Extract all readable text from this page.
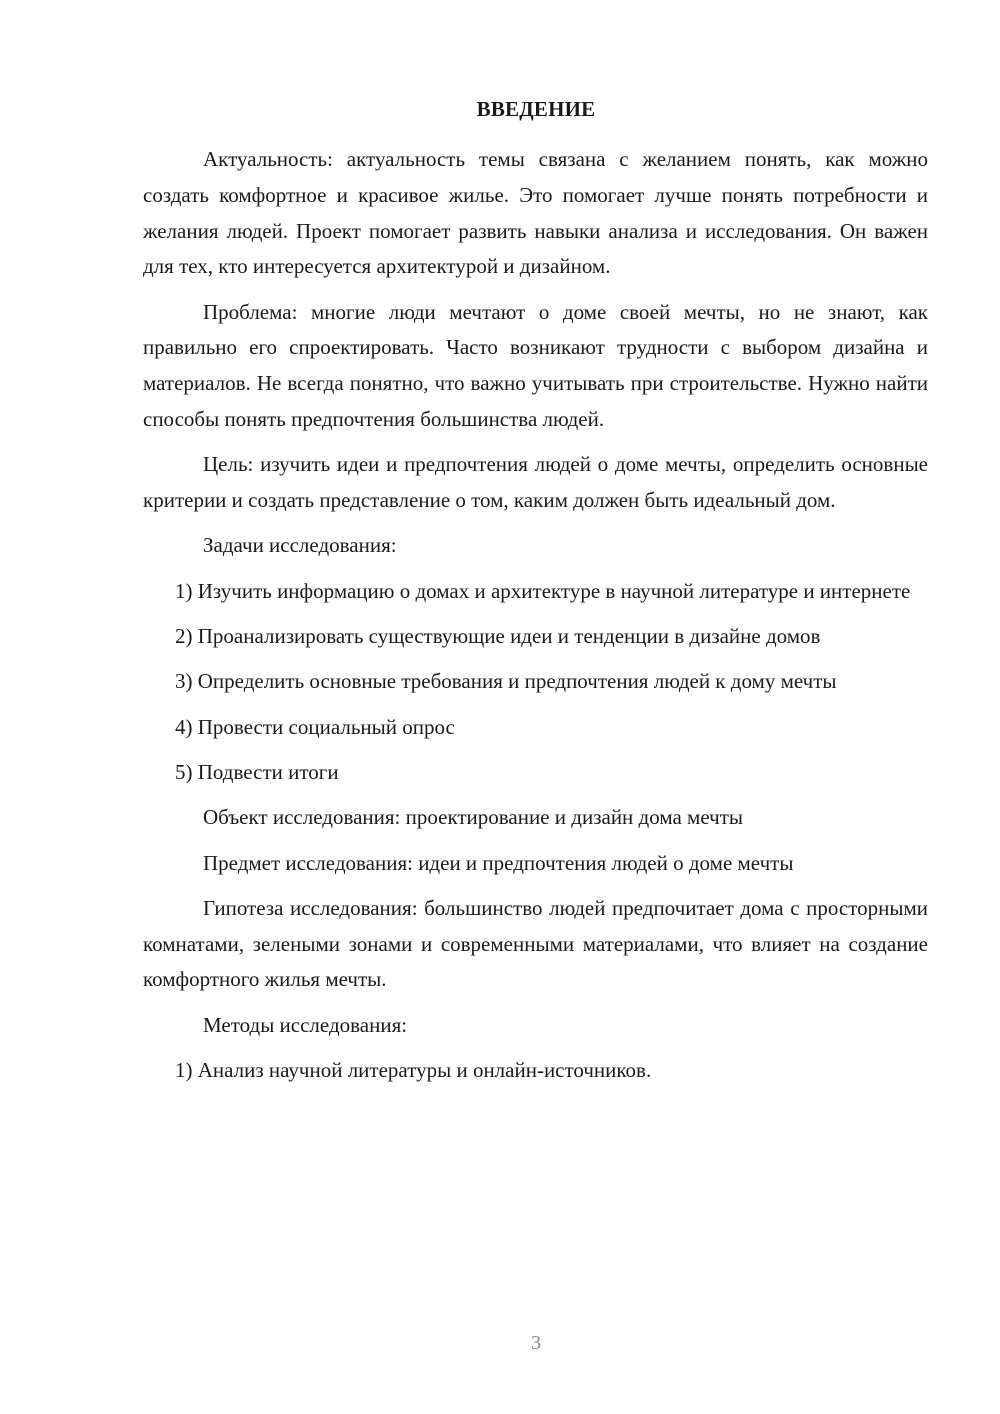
ВВЕДЕНИЕ

Актуальность: актуальность темы связана с желанием понять, как можно создать комфортное и красивое жилье. Это помогает лучше понять потребности и желания людей. Проект помогает развить навыки анализа и исследования. Он важен для тех, кто интересуется архитектурой и дизайном.

Проблема: многие люди мечтают о доме своей мечты, но не знают, как правильно его спроектировать. Часто возникают трудности с выбором дизайна и материалов. Не всегда понятно, что важно учитывать при строительстве. Нужно найти способы понять предпочтения большинства людей.

Цель: изучить идеи и предпочтения людей о доме мечты, определить основные критерии и создать представление о том, каким должен быть идеальный дом.

Задачи исследования:

1) Изучить информацию о домах и архитектуре в научной литературе и интернете

2) Проанализировать существующие идеи и тенденции в дизайне домов

3) Определить основные требования и предпочтения людей к дому мечты

4) Провести социальный опрос

5) Подвести итоги

Объект исследования: проектирование и дизайн дома мечты

Предмет исследования: идеи и предпочтения людей о доме мечты

Гипотеза исследования: большинство людей предпочитает дома с просторными комнатами, зелеными зонами и современными материалами, что влияет на создание комфортного жилья мечты.

Методы исследования:

1) Анализ научной литературы и онлайн-источников.

3
